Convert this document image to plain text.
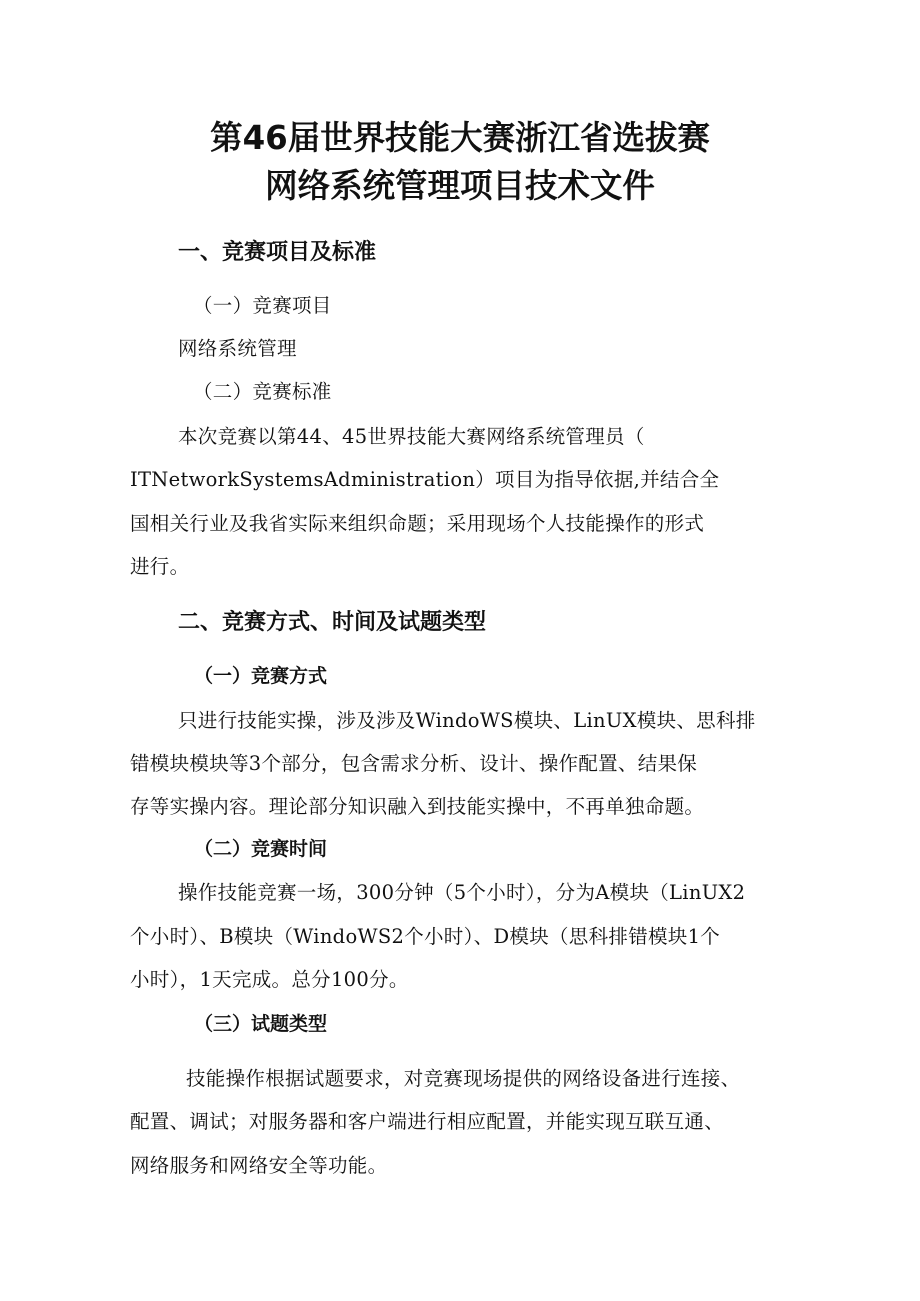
第46届世界技能大赛浙江省选拔赛
网络系统管理项目技术文件
一、竞赛项目及标准
（一）竞赛项目
网络系统管理
（二）竞赛标准
本次竞赛以第44、45世界技能大赛网络系统管理员（
ITNetworkSystemsAdministration）项目为指导依据,并结合全
国相关行业及我省实际来组织命题；采用现场个人技能操作的形式
进行。
二、竞赛方式、时间及试题类型
（一）竞赛方式
只进行技能实操，涉及涉及WindoWS模块、LinUX模块、思科排
错模块模块等3个部分，包含需求分析、设计、操作配置、结果保
存等实操内容。理论部分知识融入到技能实操中，不再单独命题。
（二）竞赛时间
操作技能竞赛一场，300分钟（5个小时），分为A模块（LinUX2
个小时）、B模块（WindoWS2个小时）、D模块（思科排错模块1个
小时），1天完成。总分100分。
（三）试题类型
技能操作根据试题要求，对竞赛现场提供的网络设备进行连接、
配置、调试；对服务器和客户端进行相应配置，并能实现互联互通、
网络服务和网络安全等功能。
